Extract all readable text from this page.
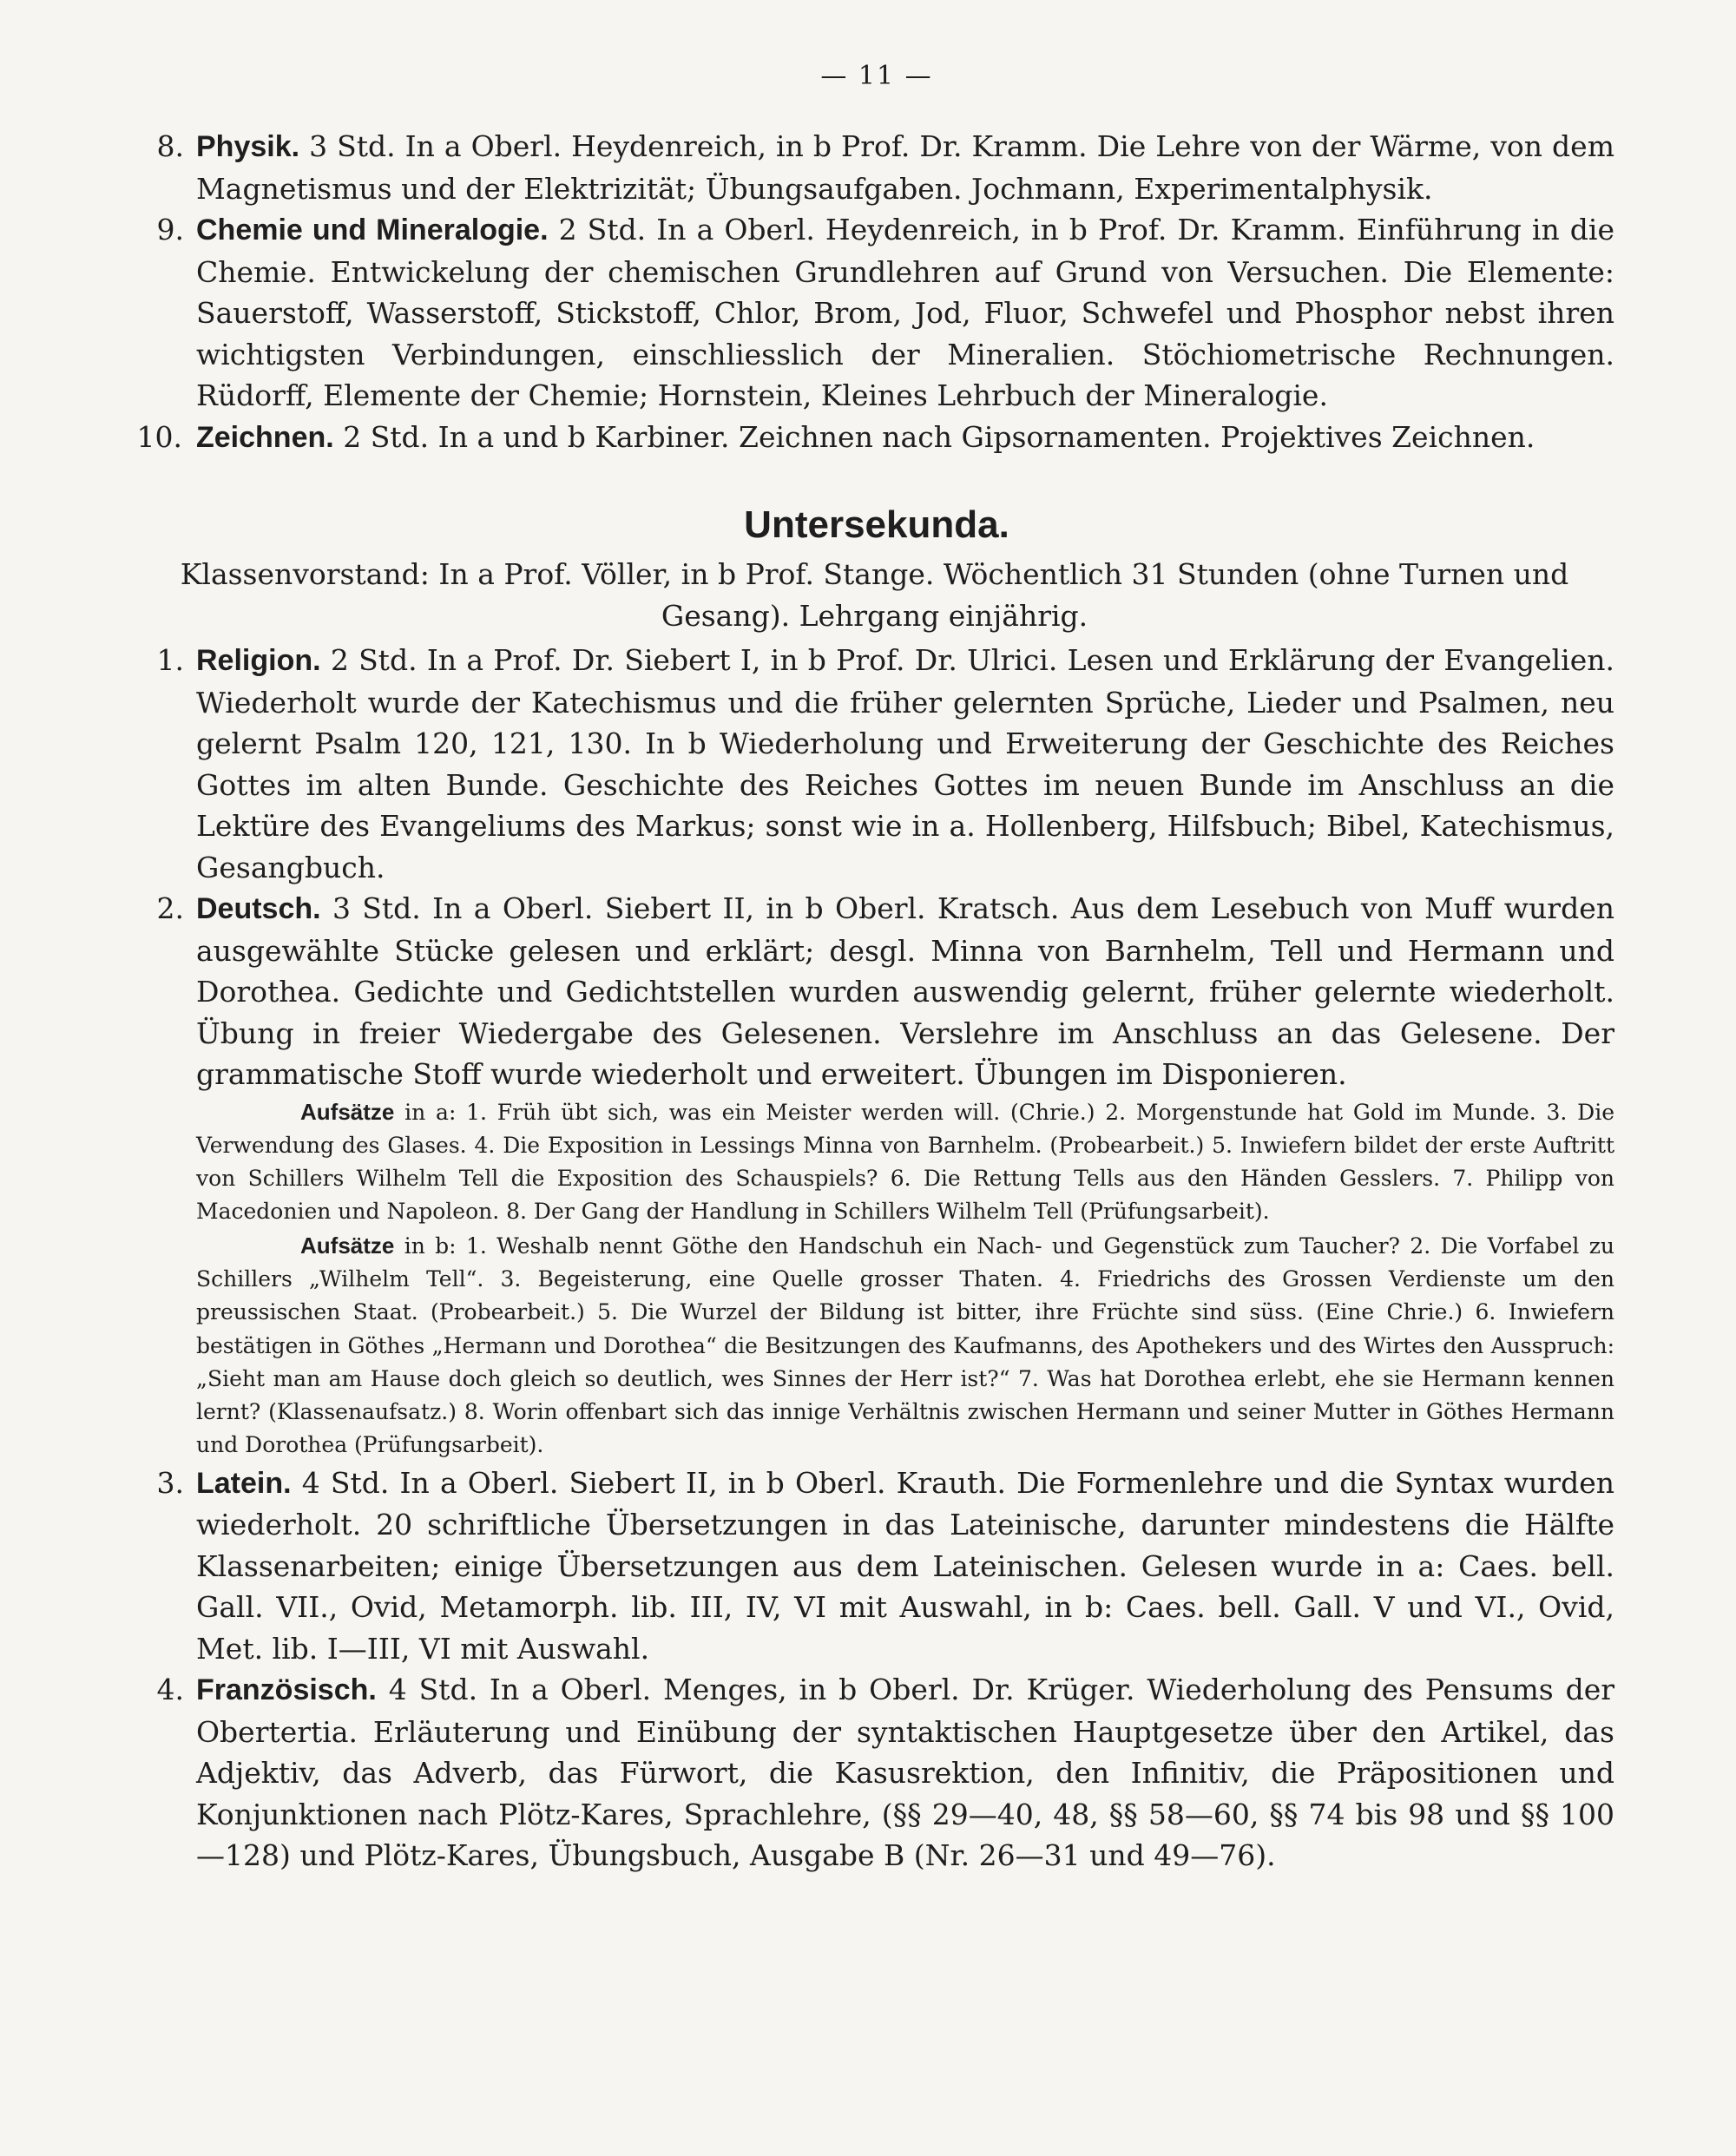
— 11 —

8. Physik. 3 Std. In a Oberl. Heydenreich, in b Prof. Dr. Kramm. Die Lehre von der Wärme, von dem Magnetismus und der Elektrizität; Übungsaufgaben. Jochmann, Experimentalphysik.

9. Chemie und Mineralogie. 2 Std. In a Oberl. Heydenreich, in b Prof. Dr. Kramm. Einführung in die Chemie. Entwickelung der chemischen Grundlehren auf Grund von Versuchen. Die Elemente: Sauerstoff, Wasserstoff, Stickstoff, Chlor, Brom, Jod, Fluor, Schwefel und Phosphor nebst ihren wichtigsten Verbindungen, einschliesslich der Mineralien. Stöchiometrische Rechnungen. Rüdorff, Elemente der Chemie; Hornstein, Kleines Lehrbuch der Mineralogie.

10. Zeichnen. 2 Std. In a und b Karbiner. Zeichnen nach Gipsornamenten. Projektives Zeichnen.

Untersekunda.

Klassenvorstand: In a Prof. Völler, in b Prof. Stange. Wöchentlich 31 Stunden (ohne Turnen und Gesang). Lehrgang einjährig.

1. Religion. 2 Std. In a Prof. Dr. Siebert I, in b Prof. Dr. Ulrici. Lesen und Erklärung der Evangelien. Wiederholt wurde der Katechismus und die früher gelernten Sprüche, Lieder und Psalmen, neu gelernt Psalm 120, 121, 130. In b Wiederholung und Erweiterung der Geschichte des Reiches Gottes im alten Bunde. Geschichte des Reiches Gottes im neuen Bunde im Anschluss an die Lektüre des Evangeliums des Markus; sonst wie in a. Hollenberg, Hilfsbuch; Bibel, Katechismus, Gesangbuch.

2. Deutsch. 3 Std. In a Oberl. Siebert II, in b Oberl. Kratsch. Aus dem Lesebuch von Muff wurden ausgewählte Stücke gelesen und erklärt; desgl. Minna von Barnhelm, Tell und Hermann und Dorothea. Gedichte und Gedichtstellen wurden auswendig gelernt, früher gelernte wiederholt. Übung in freier Wiedergabe des Gelesenen. Verslehre im Anschluss an das Gelesene. Der grammatische Stoff wurde wiederholt und erweitert. Übungen im Disponieren.

Aufsätze in a: 1. Früh übt sich, was ein Meister werden will. (Chrie.) 2. Morgenstunde hat Gold im Munde. 3. Die Verwendung des Glases. 4. Die Exposition in Lessings Minna von Barnhelm. (Probearbeit.) 5. Inwiefern bildet der erste Auftritt von Schillers Wilhelm Tell die Exposition des Schauspiels? 6. Die Rettung Tells aus den Händen Gesslers. 7. Philipp von Macedonien und Napoleon. 8. Der Gang der Handlung in Schillers Wilhelm Tell (Prüfungsarbeit).

Aufsätze in b: 1. Weshalb nennt Göthe den Handschuh ein Nach- und Gegenstück zum Taucher? 2. Die Vorfabel zu Schillers „Wilhelm Tell“. 3. Begeisterung, eine Quelle grosser Thaten. 4. Friedrichs des Grossen Verdienste um den preussischen Staat. (Probearbeit.) 5. Die Wurzel der Bildung ist bitter, ihre Früchte sind süss. (Eine Chrie.) 6. Inwiefern bestätigen in Göthes „Hermann und Dorothea“ die Besitzungen des Kaufmanns, des Apothekers und des Wirtes den Ausspruch: „Sieht man am Hause doch gleich so deutlich, wes Sinnes der Herr ist?“ 7. Was hat Dorothea erlebt, ehe sie Hermann kennen lernt? (Klassenaufsatz.) 8. Worin offenbart sich das innige Verhältnis zwischen Hermann und seiner Mutter in Göthes Hermann und Dorothea (Prüfungsarbeit).

3. Latein. 4 Std. In a Oberl. Siebert II, in b Oberl. Krauth. Die Formenlehre und die Syntax wurden wiederholt. 20 schriftliche Übersetzungen in das Lateinische, darunter mindestens die Hälfte Klassenarbeiten; einige Übersetzungen aus dem Lateinischen. Gelesen wurde in a: Caes. bell. Gall. VII., Ovid, Metamorph. lib. III, IV, VI mit Auswahl, in b: Caes. bell. Gall. V und VI., Ovid, Met. lib. I—III, VI mit Auswahl.

4. Französisch. 4 Std. In a Oberl. Menges, in b Oberl. Dr. Krüger. Wiederholung des Pensums der Obertertia. Erläuterung und Einübung der syntaktischen Hauptgesetze über den Artikel, das Adjektiv, das Adverb, das Fürwort, die Kasusrektion, den Infinitiv, die Präpositionen und Konjunktionen nach Plötz-Kares, Sprachlehre, (§§ 29—40, 48, §§ 58—60, §§ 74 bis 98 und §§ 100—128) und Plötz-Kares, Übungsbuch, Ausgabe B (Nr. 26—31 und 49—76).
